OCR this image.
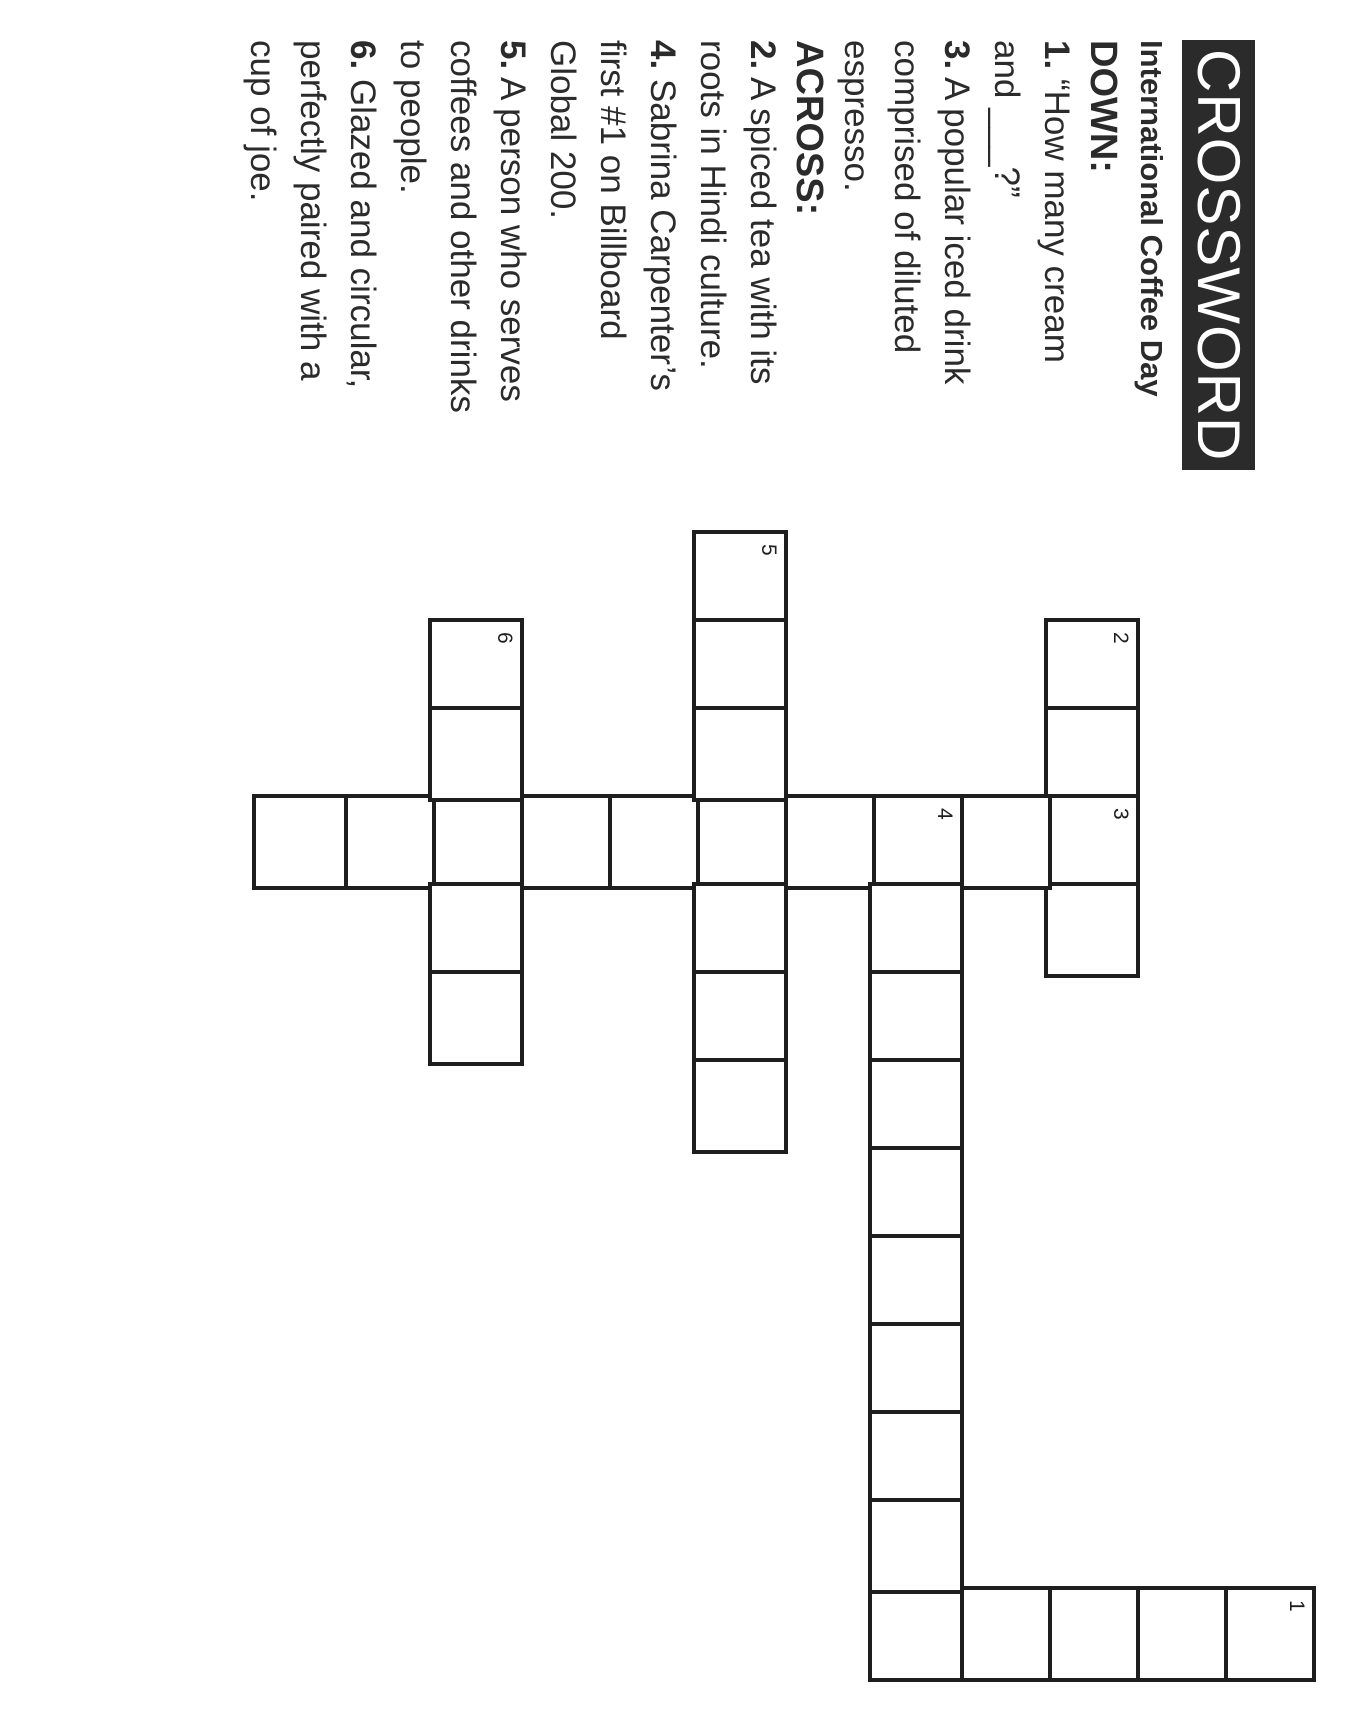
CROSSWORD
International Coffee Day
DOWN:
1. “How many cream
and ___?”
3. A popular iced drink
comprised of diluted
espresso.
ACROSS:
2. A spiced tea with its
roots in Hindi culture.
4. Sabrina Carpenter’s
first #1 on Billboard
Global 200.
5. A person who serves
coffees and other drinks
to people.
6. Glazed and circular,
perfectly paired with a
cup of joe.
1
2
3
4
5
6
